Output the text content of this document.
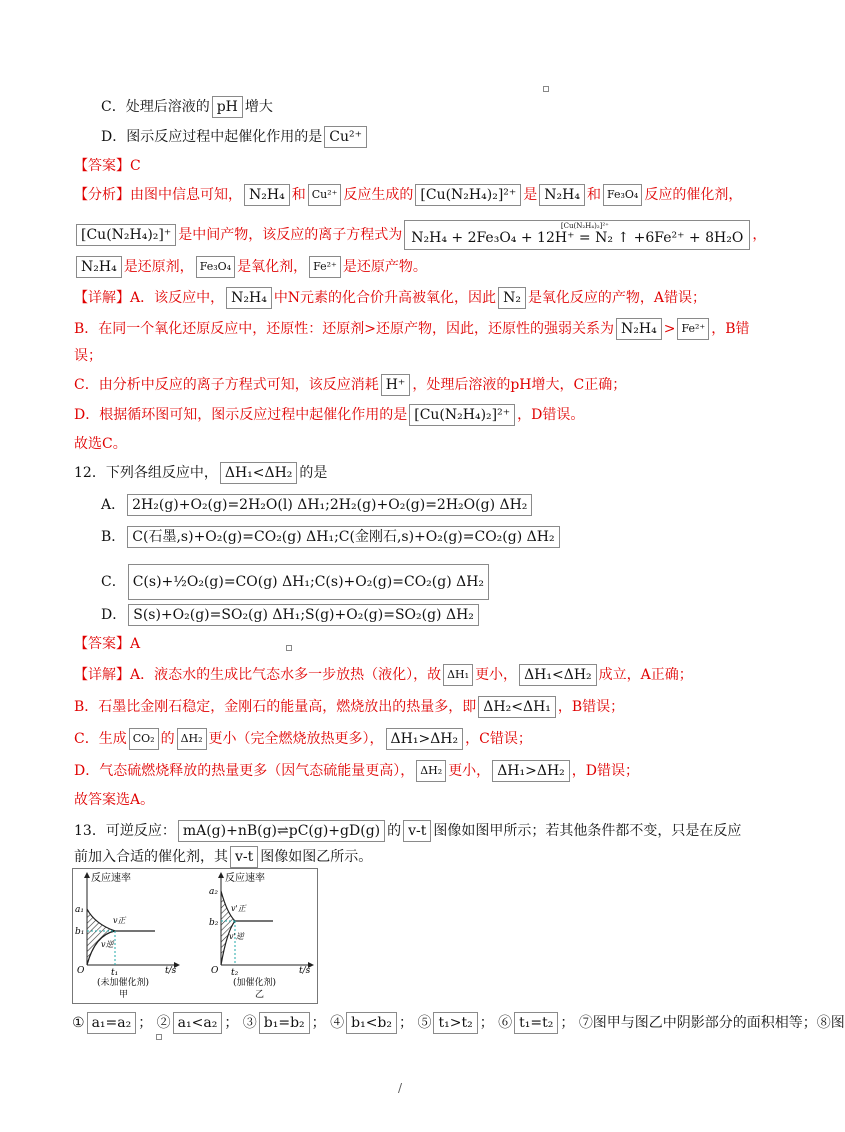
C．处理后溶液的 pH 增大
D．图示反应过程中起催化作用的是 Cu²⁺
【答案】C
【分析】由图中信息可知， N₂H₄ 和 Cu²⁺ 反应生成的 [Cu(N₂H₄)₂]²⁺ 是 N₂H₄ 和 Fe₃O₄ 反应的催化剂，
[Cu(N₂H₄)₂]⁺ 是中间产物，该反应的离子方程式为 N₂H₄ + 2Fe₃O₄ + 12H⁺
[Cu(N₂H₄)₂]²⁺
= N₂ ↑ +6Fe²⁺ + 8H₂O ，
N₂H₄ 是还原剂， Fe₃O₄ 是氧化剂， Fe²⁺ 是还原产物。
【详解】A．该反应中， N₂H₄ 中N元素的化合价升高被氧化，因此 N₂ 是氧化反应的产物，A错误；
B．在同一个氧化还原反应中，还原性：还原剂>还原产物，因此，还原性的强弱关系为 N₂H₄ > Fe²⁺ ，B错
误；
C．由分析中反应的离子方程式可知，该反应消耗 H⁺ ，处理后溶液的pH增大，C正确；
D．根据循环图可知，图示反应过程中起催化作用的是 [Cu(N₂H₄)₂]²⁺ ，D错误。
故选C。
12．下列各组反应中， ΔH₁<ΔH₂ 的是
A． 2H₂(g)+O₂(g)=2H₂O(l) ΔH₁;2H₂(g)+O₂(g)=2H₂O(g) ΔH₂
B． C(石墨,s)+O₂(g)=CO₂(g) ΔH₁;C(金刚石,s)+O₂(g)=CO₂(g) ΔH₂
C． C(s)+½O₂(g)=CO(g) ΔH₁;C(s)+O₂(g)=CO₂(g) ΔH₂
D． S(s)+O₂(g)=SO₂(g) ΔH₁;S(g)+O₂(g)=SO₂(g) ΔH₂
【答案】A
【详解】A．液态水的生成比气态水多一步放热（液化），故 ΔH₁ 更小， ΔH₁<ΔH₂ 成立，A正确；
B．石墨比金刚石稳定，金刚石的能量高，燃烧放出的热量多，即 ΔH₂<ΔH₁ ，B错误；
C．生成 CO₂ 的 ΔH₂ 更小（完全燃烧放热更多）， ΔH₁>ΔH₂ ，C错误；
D．气态硫燃烧释放的热量更多（因气态硫能量更高）， ΔH₂ 更小， ΔH₁>ΔH₂ ，D错误；
故答案选A。
13．可逆反应： mA(g)+nB(g)⇌pC(g)+gD(g) 的 v-t 图像如图甲所示；若其他条件都不变，只是在反应
前加入合适的催化剂，其 v-t 图像如图乙所示。
反应速率
a₁
b₁
v正
v逆
O	t₁	t/s
(未加催化剂)
甲
反应速率
a₂
b₂
v'正
v'逆
O t₂	t/s
(加催化剂)
乙
① a₁=a₂ ； ② a₁<a₂ ； ③ b₁=b₂ ； ④ b₁<b₂ ； ⑤ t₁>t₂ ； ⑥ t₁=t₂ ； ⑦图甲与图乙中阴影部分的面积相等；⑧图
/
